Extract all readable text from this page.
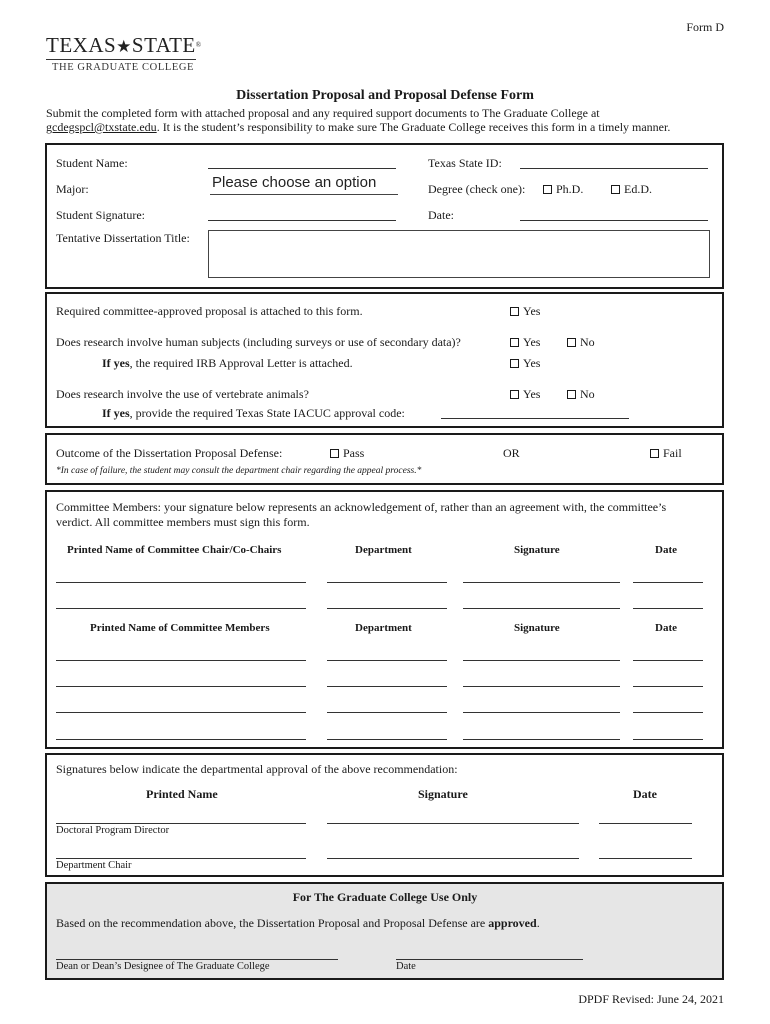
Form D
TEXAS★STATE®
THE GRADUATE COLLEGE
Dissertation Proposal and Proposal Defense Form
Submit the completed form with attached proposal and any required support documents to The Graduate College at
gcdegspcl@txstate.edu. It is the student’s responsibility to make sure The Graduate College receives this form in a timely manner.
Student Name:	Texas State ID:
Major:	Please choose an option	Degree (check one):	Ph.D.	Ed.D.
Student Signature:	Date:
Tentative Dissertation Title:
Required committee-approved proposal is attached to this form.	Yes
Does research involve human subjects (including surveys or use of secondary data)?	Yes	No
If yes, the required IRB Approval Letter is attached.	Yes
Does research involve the use of vertebrate animals?	Yes	No
If yes, provide the required Texas State IACUC approval code:
Outcome of the Dissertation Proposal Defense:	Pass	OR	Fail
*In case of failure, the student may consult the department chair regarding the appeal process.*
Committee Members: your signature below represents an acknowledgement of, rather than an agreement with, the committee’s
verdict. All committee members must sign this form.
Printed Name of Committee Chair/Co-Chairs	Department	Signature	Date
Printed Name of Committee Members	Department	Signature	Date
Signatures below indicate the departmental approval of the above recommendation:
Printed Name	Signature	Date
Doctoral Program Director
Department Chair
For The Graduate College Use Only
Based on the recommendation above, the Dissertation Proposal and Proposal Defense are approved.
Dean or Dean’s Designee of The Graduate College	Date
DPDF Revised: June 24, 2021
